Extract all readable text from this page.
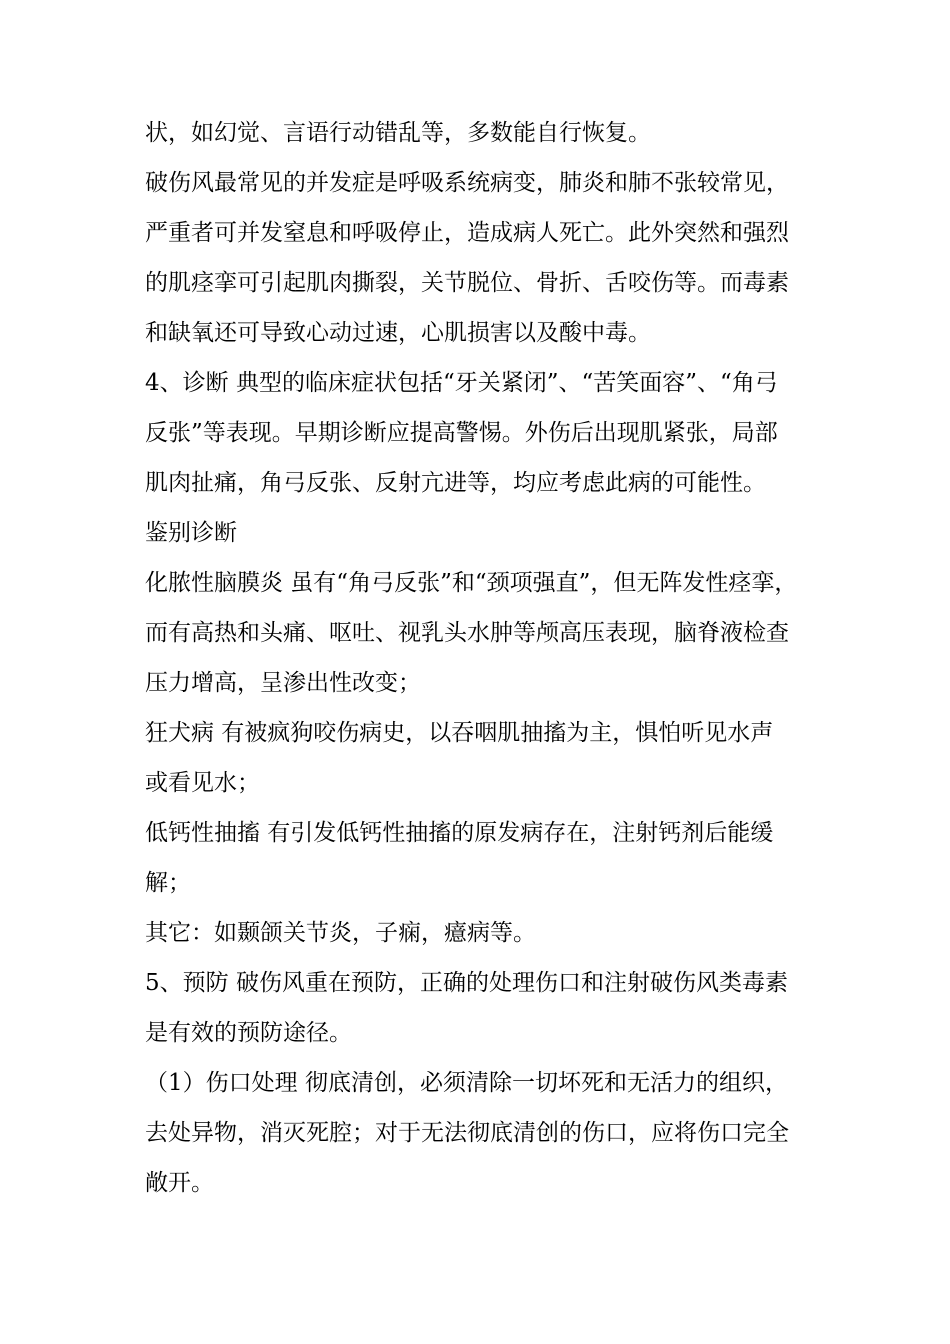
状，如幻觉、言语行动错乱等，多数能自行恢复。
破伤风最常见的并发症是呼吸系统病变，肺炎和肺不张较常见，
严重者可并发窒息和呼吸停止，造成病人死亡。此外突然和强烈
的肌痉挛可引起肌肉撕裂，关节脱位、骨折、舌咬伤等。而毒素
和缺氧还可导致心动过速，心肌损害以及酸中毒。
4、诊断 典型的临床症状包括“牙关紧闭”、“苦笑面容”、“角弓
反张”等表现。早期诊断应提高警惕。外伤后出现肌紧张，局部
肌肉扯痛，角弓反张、反射亢进等，均应考虑此病的可能性。
鉴别诊断
化脓性脑膜炎 虽有“角弓反张”和“颈项强直”，但无阵发性痉挛，
而有高热和头痛、呕吐、视乳头水肿等颅高压表现，脑脊液检查
压力增高，呈渗出性改变；
狂犬病 有被疯狗咬伤病史，以吞咽肌抽搐为主，惧怕听见水声
或看见水；
低钙性抽搐 有引发低钙性抽搐的原发病存在，注射钙剂后能缓
解；
其它：如颞颌关节炎，子痫，癔病等。
5、预防 破伤风重在预防，正确的处理伤口和注射破伤风类毒素
是有效的预防途径。
（1）伤口处理 彻底清创，必须清除一切坏死和无活力的组织，
去处异物，消灭死腔；对于无法彻底清创的伤口，应将伤口完全
敞开。
